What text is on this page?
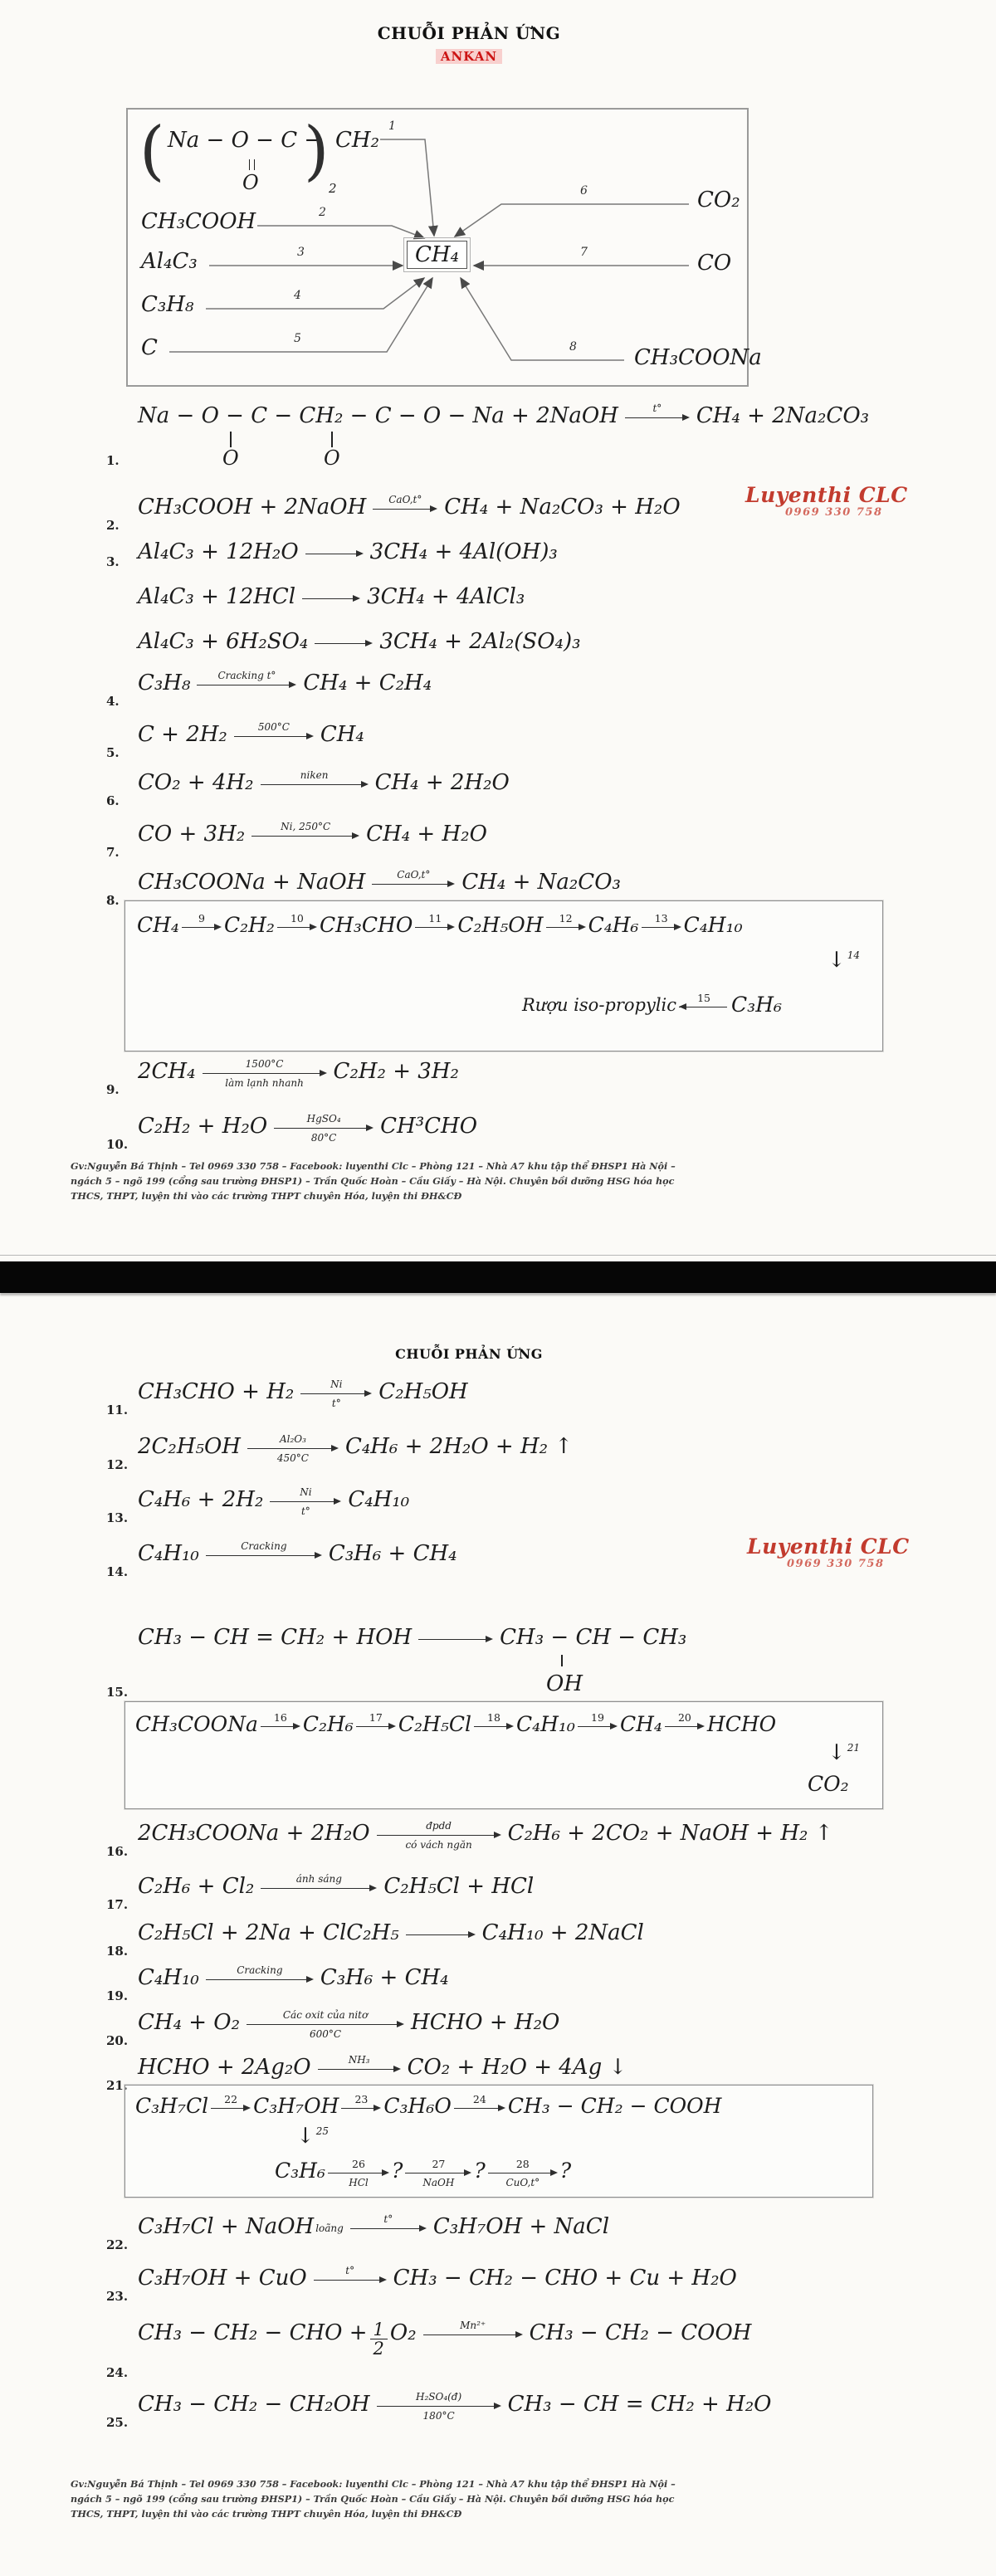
CHUỖI PHẢN ỨNG
ANKAN
( Na − O − C −
O ) 2
CH₂
CH₃COOH
Al₄C₃
C₃H₈
C
CH₄
CO₂
CO
CH₃COONa
1
2
3
4
5
6
7
8
1.
Na − O − C − CH₂ − C − O − Na + 2NaOH	t° CH₄ + 2Na₂CO₃
O	O
2.
CH₃COOH + 2NaOH	CaO,t° CH₄ + Na₂CO₃ + H₂O	Luyenthi CLC
0969 330 758
3. Al₄C₃ + 12H₂O	3CH₄ + 4Al(OH)₃
Al₄C₃ + 12HCl	3CH₄ + 4AlCl₃
Al₄C₃ + 6H₂SO₄	3CH₄ + 2Al₂(SO₄)₃
4.
C₃H₈	Cracking t° CH₄ + C₂H₄
5.
C + 2H₂	500°C CH₄
6.
CO₂ + 4H₂	niken CH₄ + 2H₂O
7.
CO + 3H₂	Ni, 250°C CH₄ + H₂O
8.
CH₃COONa + NaOH	CaO,t° CH₄ + Na₂CO₃
CH₄	9 C₂H₂	10 CH₃CHO	11 C₂H₅OH	12 C₄H₆	13 C₄H₁₀
↓ 14
Rượu iso-propylic	15 C₃H₆
9.
2CH₄	1500°C
làm lạnh nhanh C₂H₂ + 3H₂
10.
C₂H₂ + H₂O	HgSO₄
80°C CH³CHO
Gv:Nguyễn Bá Thịnh – Tel 0969 330 758 – Facebook: luyenthi Clc – Phòng 121 – Nhà A7 khu tập thể ĐHSP1 Hà Nội –
ngách 5 – ngõ 199 (cổng sau trường ĐHSP1) – Trần Quốc Hoàn – Cầu Giấy – Hà Nội. Chuyên bồi dưỡng HSG hóa học
THCS, THPT, luyện thi vào các trường THPT chuyên Hóa, luyện thi ĐH&CĐ
CHUỖI PHẢN ỨNG
11.
CH₃CHO + H₂	Ni
t° C₂H₅OH
12.
2C₂H₅OH	Al₂O₃
450°C C₄H₆ + 2H₂O + H₂ ↑
13.
C₄H₆ + 2H₂	Ni
t° C₄H₁₀
14.
C₄H₁₀	Cracking C₃H₆ + CH₄	Luyenthi CLC
0969 330 758
15.
CH₃ − CH = CH₂ + HOH	CH₃ − CH − CH₃
OH
CH₃COONa	16 C₂H₆	17 C₂H₅Cl	18 C₄H₁₀	19 CH₄	20 HCHO
↓ 21
CO₂
16.
2CH₃COONa + 2H₂O	đpdd
có vách ngăn C₂H₆ + 2CO₂ + NaOH + H₂ ↑
17.
C₂H₆ + Cl₂	ánh sáng C₂H₅Cl + HCl
18.
C₂H₅Cl + 2Na + ClC₂H₅	C₄H₁₀ + 2NaCl
19.
C₄H₁₀	Cracking C₃H₆ + CH₄
20.
CH₄ + O₂	Các oxit của nitơ
600°C	HCHO + H₂O
21.
HCHO + 2Ag₂O	NH₃ CO₂ + H₂O + 4Ag ↓
C₃H₇Cl	22 C₃H₇OH	23 C₃H₆O	24 CH₃ − CH₂ − COOH
↓ 25
C₃H₆	26
HCl ?	27
NaOH ?	28
CuO,t° ?
22.
C₃H₇Cl + NaOH loãng
t° C₃H₇OH + NaCl
23.
C₃H₇OH + CuO	t° CH₃ − CH₂ − CHO + Cu + H₂O
24.
CH₃ − CH₂ − CHO + $\frac{1}{2} O_2$	Mn²⁺ CH₃ − CH₂ − COOH
25.
CH₃ − CH₂ − CH₂OH	H₂SO₄(đ)
180°C CH₃ − CH = CH₂ + H₂O
Gv:Nguyễn Bá Thịnh – Tel 0969 330 758 – Facebook: luyenthi Clc – Phòng 121 – Nhà A7 khu tập thể ĐHSP1 Hà Nội –
ngách 5 – ngõ 199 (cổng sau trường ĐHSP1) – Trần Quốc Hoàn – Cầu Giấy – Hà Nội. Chuyên bồi dưỡng HSG hóa học
THCS, THPT, luyện thi vào các trường THPT chuyên Hóa, luyện thi ĐH&CĐ
